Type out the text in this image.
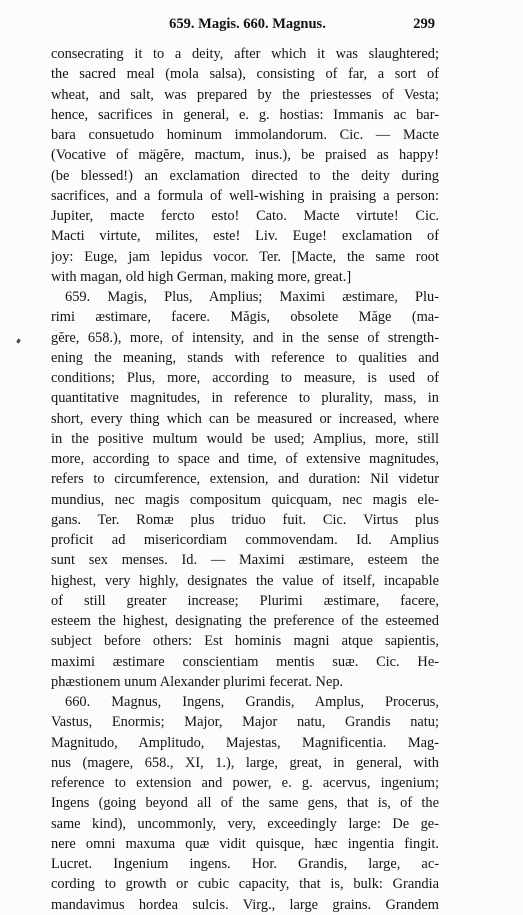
659. Magis. 660. Magnus.	299
consecrating it to a deity, after which it was slaughtered;
the sacred meal (mola salsa), consisting of far, a sort of
wheat, and salt, was prepared by the priestesses of Vesta;
hence, sacrifices in general, e. g. hostias: Immanis ac bar-
bara consuetudo hominum immolandorum. Cic. — Macte
(Vocative of mägĕre, mactum, inus.), be praised as happy!
(be blessed!) an exclamation directed to the deity during
sacrifices, and a formula of well-wishing in praising a person:
Jupiter, macte fercto esto! Cato. Macte virtute! Cic.
Macti virtute, milites, este! Liv. Euge! exclamation of
joy: Euge, jam lepidus vocor. Ter. [Macte, the same root
with magan, old high German, making more, great.]
659. Magis, Plus, Amplius; Maximi æstimare, Plu-
rimi æstimare, facere. Măgis, obsolete Măge (ma-
gĕre, 658.), more, of intensity, and in the sense of strength-
ening the meaning, stands with reference to qualities and
conditions; Plus, more, according to measure, is used of
quantitative magnitudes, in reference to plurality, mass, in
short, every thing which can be measured or increased, where
in the positive multum would be used; Amplius, more, still
more, according to space and time, of extensive magnitudes,
refers to circumference, extension, and duration: Nil videtur
mundius, nec magis compositum quicquam, nec magis ele-
gans. Ter. Romæ plus triduo fuit. Cic. Virtus plus
proficit ad misericordiam commovendam. Id. Amplius
sunt sex menses. Id. — Maximi æstimare, esteem the
highest, very highly, designates the value of itself, incapable
of still greater increase; Plurimi æstimare, facere,
esteem the highest, designating the preference of the esteemed
subject before others: Est hominis magni atque sapientis,
maximi æstimare conscientiam mentis suæ. Cic. He-
phæstionem unum Alexander plurimi fecerat. Nep.
660. Magnus, Ingens, Grandis, Amplus, Procerus,
Vastus, Enormis; Major, Major natu, Grandis natu;
Magnitudo, Amplitudo, Majestas, Magnificentia. Mag-
nus (magere, 658., XI, 1.), large, great, in general, with
reference to extension and power, e. g. acervus, ingenium;
Ingens (going beyond all of the same gens, that is, of the
same kind), uncommonly, very, exceedingly large: De ge-
nere omni maxuma quæ vidit quisque, hæc ingentia fingit.
Lucret. Ingenium ingens. Hor. Grandis, large, ac-
cording to growth or cubic capacity, that is, bulk: Grandia
mandavimus hordea sulcis. Virg., large grains. Grandem
